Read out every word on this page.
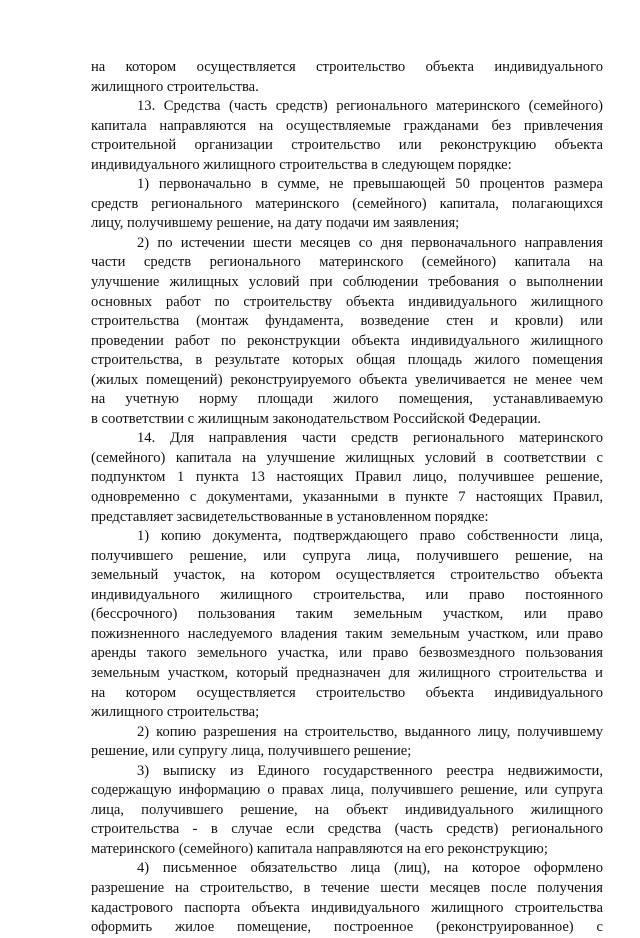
на котором осуществляется строительство объекта индивидуального
жилищного строительства.
13. Средства (часть средств) регионального материнского (семейного)
капитала направляются на осуществляемые гражданами без привлечения
строительной организации строительство или реконструкцию объекта
индивидуального жилищного строительства в следующем порядке:
1) первоначально в сумме, не превышающей 50 процентов размера
средств регионального материнского (семейного) капитала, полагающихся
лицу, получившему решение, на дату подачи им заявления;
2) по истечении шести месяцев со дня первоначального направления
части средств регионального материнского (семейного) капитала на
улучшение жилищных условий при соблюдении требования о выполнении
основных работ по строительству объекта индивидуального жилищного
строительства (монтаж фундамента, возведение стен и кровли) или
проведении работ по реконструкции объекта индивидуального жилищного
строительства, в результате которых общая площадь жилого помещения
(жилых помещений) реконструируемого объекта увеличивается не менее чем
на учетную норму площади жилого помещения, устанавливаемую
в соответствии с жилищным законодательством Российской Федерации.
14. Для направления части средств регионального материнского
(семейного) капитала на улучшение жилищных условий в соответствии с
подпунктом 1 пункта 13 настоящих Правил лицо, получившее решение,
одновременно с документами, указанными в пункте 7 настоящих Правил,
представляет засвидетельствованные в установленном порядке:
1) копию документа, подтверждающего право собственности лица,
получившего решение, или супруга лица, получившего решение, на
земельный участок, на котором осуществляется строительство объекта
индивидуального жилищного строительства, или право постоянного
(бессрочного) пользования таким земельным участком, или право
пожизненного наследуемого владения таким земельным участком, или право
аренды такого земельного участка, или право безвозмездного пользования
земельным участком, который предназначен для жилищного строительства и
на котором осуществляется строительство объекта индивидуального
жилищного строительства;
2) копию разрешения на строительство, выданного лицу, получившему
решение, или супругу лица, получившего решение;
3) выписку из Единого государственного реестра недвижимости,
содержащую информацию о правах лица, получившего решение, или супруга
лица, получившего решение, на объект индивидуального жилищного
строительства - в случае если средства (часть средств) регионального
материнского (семейного) капитала направляются на его реконструкцию;
4) письменное обязательство лица (лиц), на которое оформлено
разрешение на строительство, в течение шести месяцев после получения
кадастрового паспорта объекта индивидуального жилищного строительства
оформить жилое помещение, построенное (реконструированное) с
